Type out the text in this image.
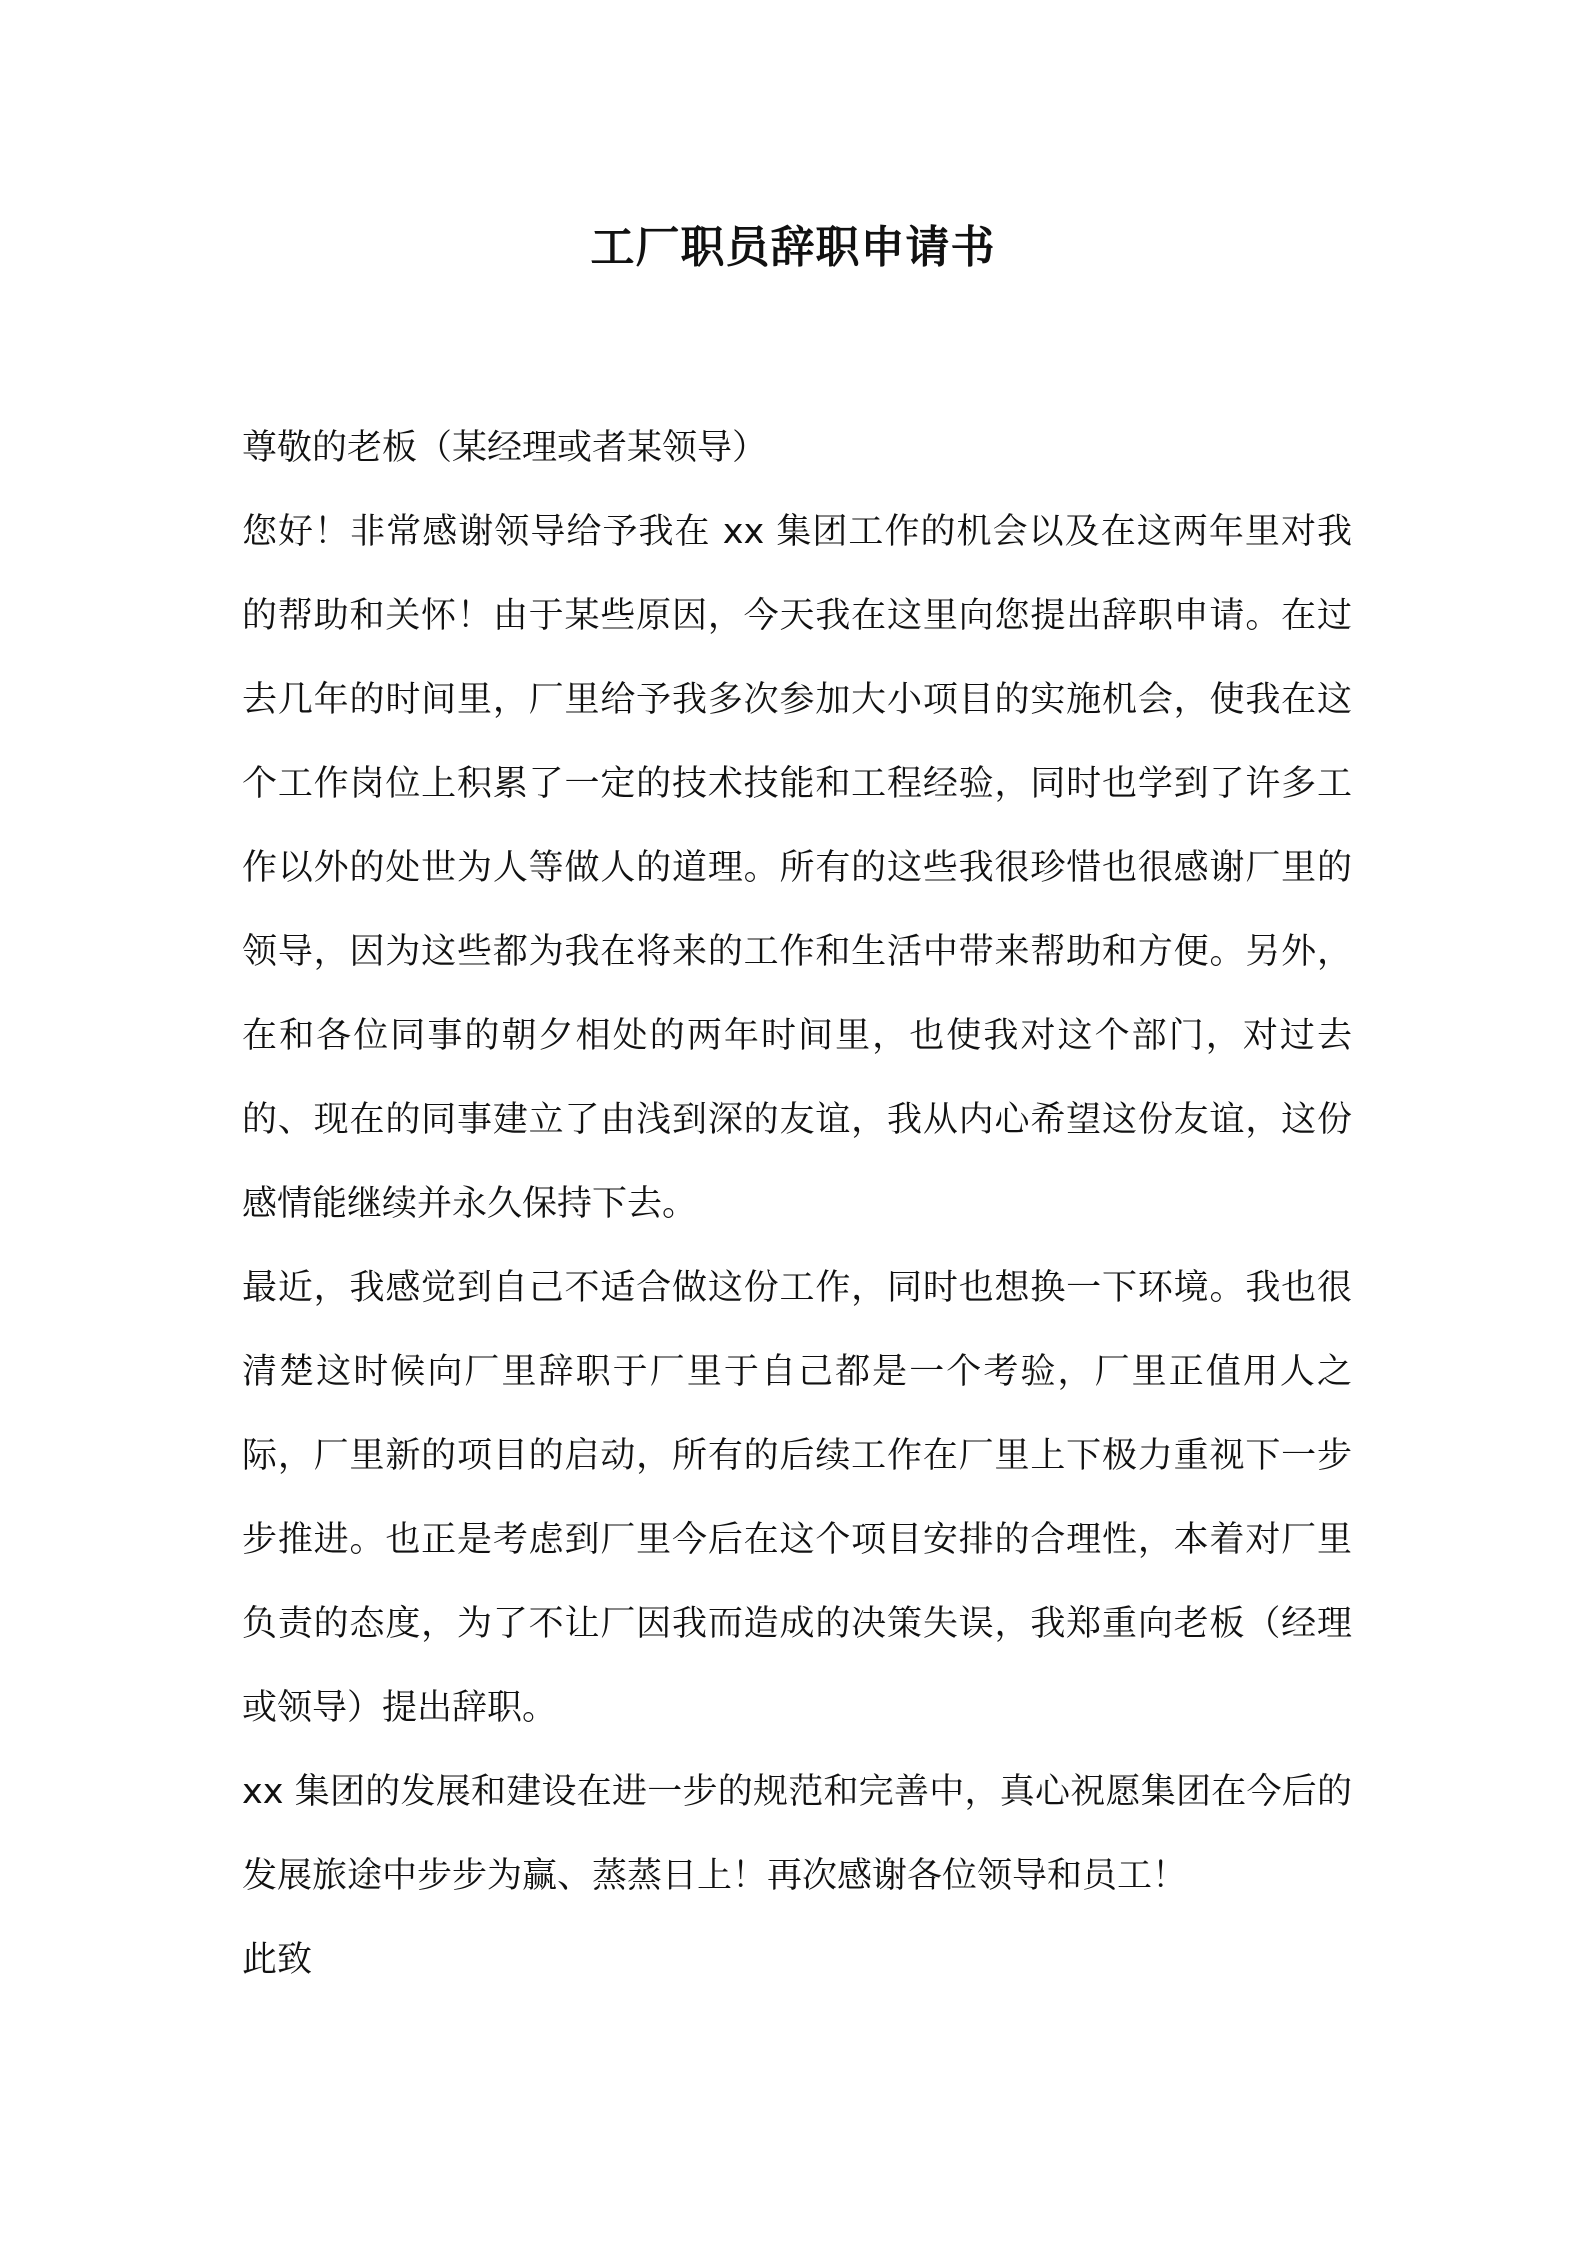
工厂职员辞职申请书

尊敬的老板（某经理或者某领导）

您好！非常感谢领导给予我在 xx 集团工作的机会以及在这两年里对我的帮助和关怀！由于某些原因，今天我在这里向您提出辞职申请。在过去几年的时间里，厂里给予我多次参加大小项目的实施机会，使我在这个工作岗位上积累了一定的技术技能和工程经验，同时也学到了许多工作以外的处世为人等做人的道理。所有的这些我很珍惜也很感谢厂里的领导，因为这些都为我在将来的工作和生活中带来帮助和方便。另外，在和各位同事的朝夕相处的两年时间里，也使我对这个部门，对过去的、现在的同事建立了由浅到深的友谊，我从内心希望这份友谊，这份感情能继续并永久保持下去。

最近，我感觉到自己不适合做这份工作，同时也想换一下环境。我也很清楚这时候向厂里辞职于厂里于自己都是一个考验，厂里正值用人之际，厂里新的项目的启动，所有的后续工作在厂里上下极力重视下一步步推进。也正是考虑到厂里今后在这个项目安排的合理性，本着对厂里负责的态度，为了不让厂因我而造成的决策失误，我郑重向老板（经理或领导）提出辞职。

xx 集团的发展和建设在进一步的规范和完善中，真心祝愿集团在今后的发展旅途中步步为赢、蒸蒸日上！再次感谢各位领导和员工！

此致
